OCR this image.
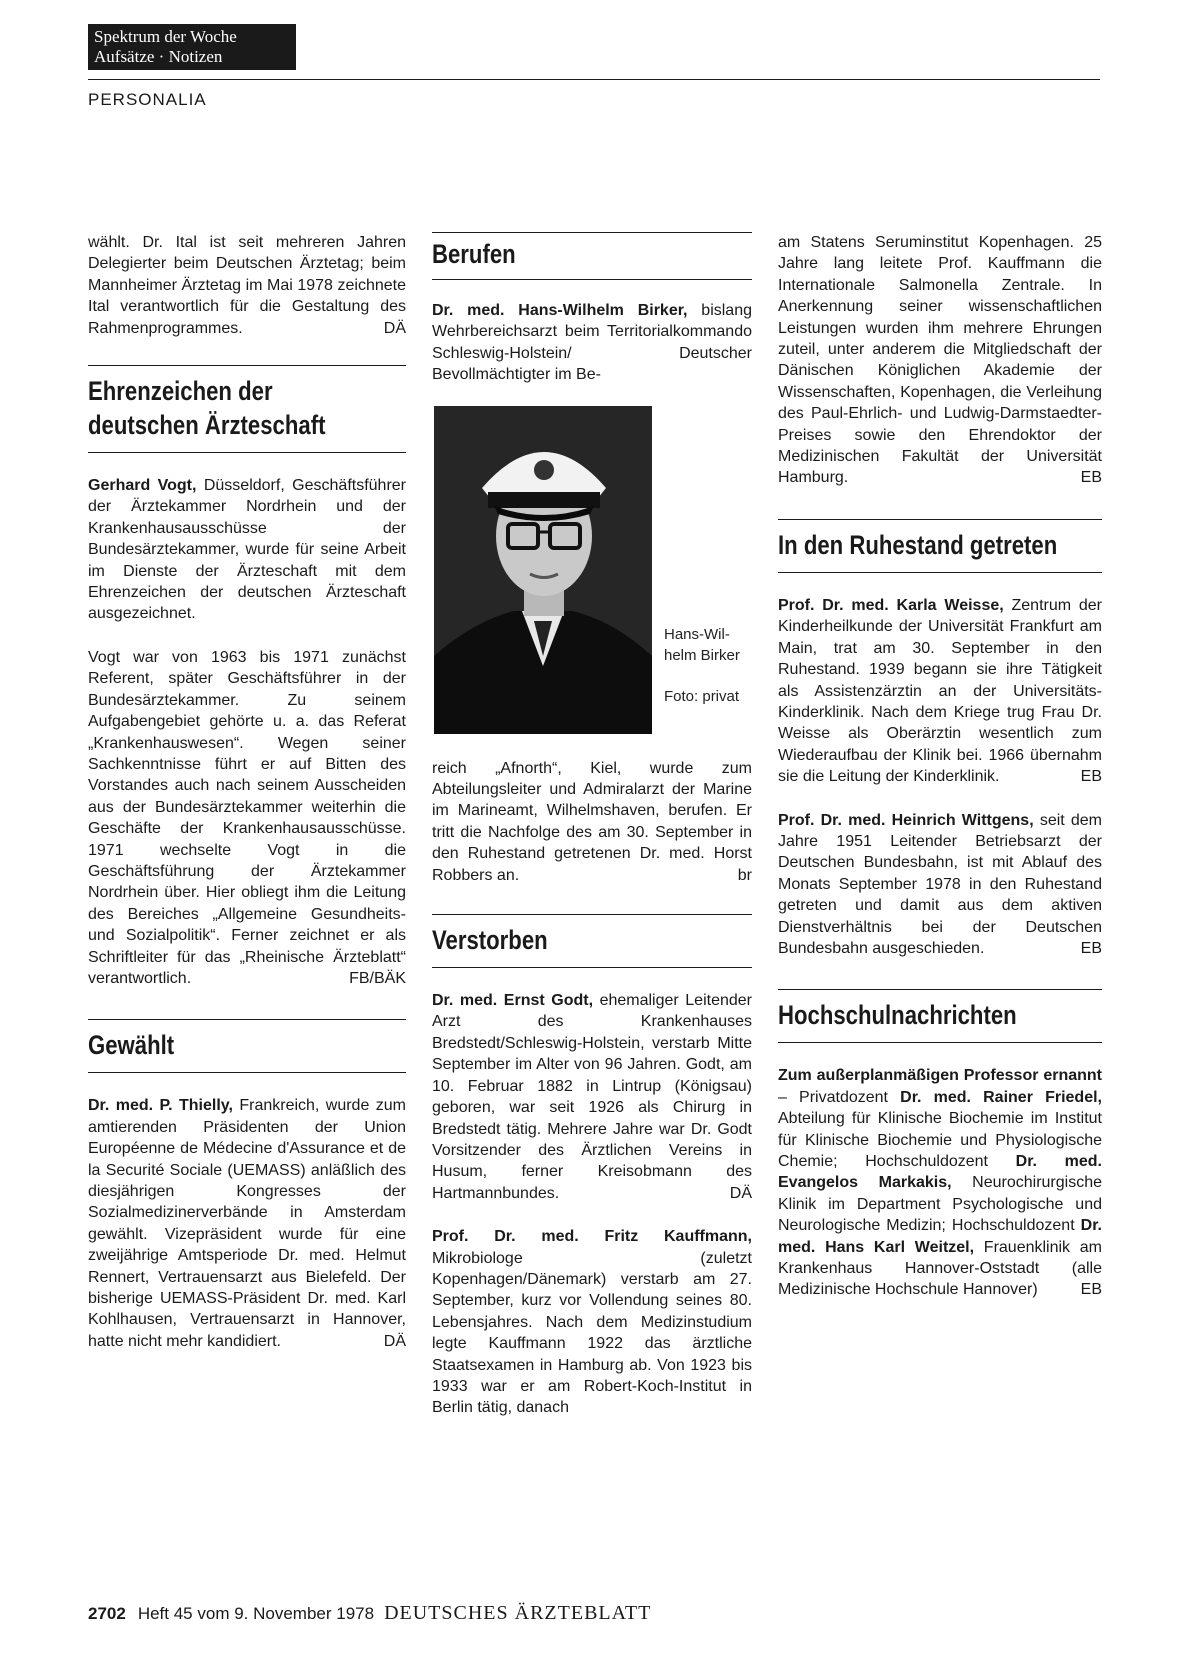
Spektrum der Woche
Aufsätze · Notizen
PERSONALIA

wählt. Dr. Ital ist seit mehreren Jahren Delegierter beim Deutschen Ärztetag; beim Mannheimer Ärztetag im Mai 1978 zeichnete Ital verantwortlich für die Gestaltung des Rahmenprogrammes.	DÄ

Ehrenzeichen der
deutschen Ärzteschaft

Gerhard Vogt, Düsseldorf, Geschäftsführer der Ärztekammer Nordrhein und der Krankenhausausschüsse der Bundesärztekammer, wurde für seine Arbeit im Dienste der Ärzteschaft mit dem Ehrenzeichen der deutschen Ärzteschaft ausgezeichnet.

Vogt war von 1963 bis 1971 zunächst Referent, später Geschäftsführer in der Bundesärztekammer. Zu seinem Aufgabengebiet gehörte u. a. das Referat „Krankenhauswesen“. Wegen seiner Sachkenntnisse führt er auf Bitten des Vorstandes auch nach seinem Ausscheiden aus der Bundesärztekammer weiterhin die Geschäfte der Krankenhausausschüsse. 1971 wechselte Vogt in die Geschäftsführung der Ärztekammer Nordrhein über. Hier obliegt ihm die Leitung des Bereiches „Allgemeine Gesundheits- und Sozialpolitik“. Ferner zeichnet er als Schriftleiter für das „Rheinische Ärzteblatt“ verantwortlich.	FB/BÄK

Gewählt

Dr. med. P. Thielly, Frankreich, wurde zum amtierenden Präsidenten der Union Européenne de Médecine d'Assurance et de la Securité Sociale (UEMASS) anläßlich des diesjährigen Kongresses der Sozialmedizinerverbände in Amsterdam gewählt. Vizepräsident wurde für eine zweijährige Amtsperiode Dr. med. Helmut Rennert, Vertrauensarzt aus Bielefeld. Der bisherige UEMASS-Präsident Dr. med. Karl Kohlhausen, Vertrauensarzt in Hannover, hatte nicht mehr kandidiert.	DÄ

Berufen

Dr. med. Hans-Wilhelm Birker, bislang Wehrbereichsarzt beim Territorialkommando Schleswig-Holstein/ Deutscher Bevollmächtigter im Be-

Hans-Wil-
helm Birker
Foto: privat

reich „Afnorth“, Kiel, wurde zum Abteilungsleiter und Admiralarzt der Marine im Marineamt, Wilhelmshaven, berufen. Er tritt die Nachfolge des am 30. September in den Ruhestand getretenen Dr. med. Horst Robbers an.	br

Verstorben

Dr. med. Ernst Godt, ehemaliger Leitender Arzt des Krankenhauses Bredstedt/Schleswig-Holstein, verstarb Mitte September im Alter von 96 Jahren. Godt, am 10. Februar 1882 in Lintrup (Königsau) geboren, war seit 1926 als Chirurg in Bredstedt tätig. Mehrere Jahre war Dr. Godt Vorsitzender des Ärztlichen Vereins in Husum, ferner Kreisobmann des Hartmannbundes.	DÄ

Prof. Dr. med. Fritz Kauffmann, Mikrobiologe (zuletzt Kopenhagen/Dänemark) verstarb am 27. September, kurz vor Vollendung seines 80. Lebensjahres. Nach dem Medizinstudium legte Kauffmann 1922 das ärztliche Staatsexamen in Hamburg ab. Von 1923 bis 1933 war er am Robert-Koch-Institut in Berlin tätig, danach

am Statens Seruminstitut Kopenhagen. 25 Jahre lang leitete Prof. Kauffmann die Internationale Salmonella Zentrale. In Anerkennung seiner wissenschaftlichen Leistungen wurden ihm mehrere Ehrungen zuteil, unter anderem die Mitgliedschaft der Dänischen Königlichen Akademie der Wissenschaften, Kopenhagen, die Verleihung des Paul-Ehrlich- und Ludwig-Darmstaedter-Preises sowie den Ehrendoktor der Medizinischen Fakultät der Universität Hamburg.	EB

In den Ruhestand getreten

Prof. Dr. med. Karla Weisse, Zentrum der Kinderheilkunde der Universität Frankfurt am Main, trat am 30. September in den Ruhestand. 1939 begann sie ihre Tätigkeit als Assistenzärztin an der Universitäts-Kinderklinik. Nach dem Kriege trug Frau Dr. Weisse als Oberärztin wesentlich zum Wiederaufbau der Klinik bei. 1966 übernahm sie die Leitung der Kinderklinik.	EB

Prof. Dr. med. Heinrich Wittgens, seit dem Jahre 1951 Leitender Betriebsarzt der Deutschen Bundesbahn, ist mit Ablauf des Monats September 1978 in den Ruhestand getreten und damit aus dem aktiven Dienstverhältnis bei der Deutschen Bundesbahn ausgeschieden.	EB

Hochschulnachrichten

Zum außerplanmäßigen Professor ernannt – Privatdozent Dr. med. Rainer Friedel, Abteilung für Klinische Biochemie im Institut für Klinische Biochemie und Physiologische Chemie; Hochschuldozent Dr. med. Evangelos Markakis, Neurochirurgische Klinik im Department Psychologische und Neurologische Medizin; Hochschuldozent Dr. med. Hans Karl Weitzel, Frauenklinik am Krankenhaus Hannover-Oststadt (alle Medizinische Hochschule Hannover)	EB

2702 Heft 45 vom 9. November 1978 DEUTSCHES ÄRZTEBLATT
